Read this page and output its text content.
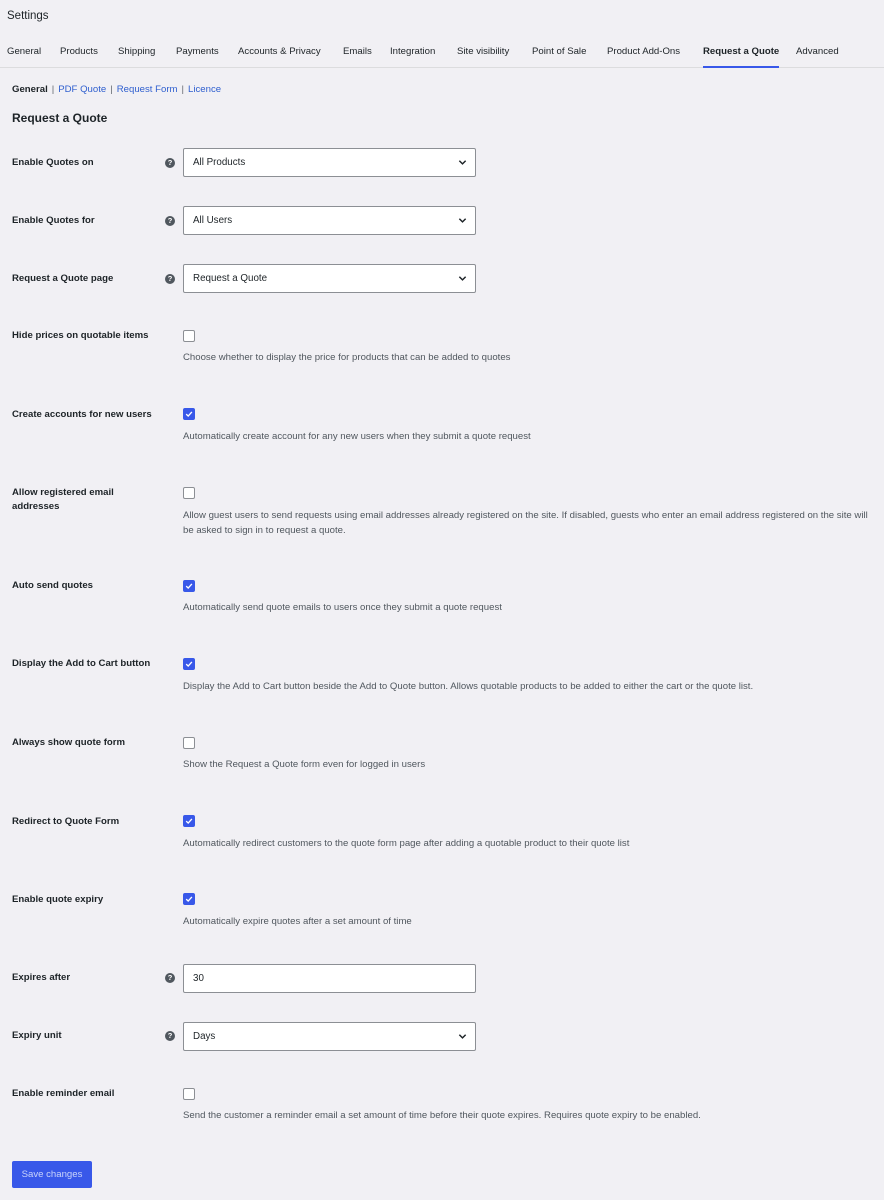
Settings
General Products Shipping Payments Accounts & Privacy Emails Integration Site visibility Point of Sale Product Add-Ons Request a Quote Advanced
General | PDF Quote | Request Form | Licence
Request a Quote
Enable Quotes on	?	All Products
Enable Quotes for	?	All Users
Request a Quote page	?	Request a Quote
Hide prices on quotable items
Choose whether to display the price for products that can be added to quotes
Create accounts for new users
Automatically create account for any new users when they submit a quote request
Allow registered email addresses
Allow guest users to send requests using email addresses already registered on the site. If disabled, guests who enter an email address registered on the site will be asked to sign in to request a quote.
Auto send quotes
Automatically send quote emails to users once they submit a quote request
Display the Add to Cart button
Display the Add to Cart button beside the Add to Quote button. Allows quotable products to be added to either the cart or the quote list.
Always show quote form
Show the Request a Quote form even for logged in users
Redirect to Quote Form
Automatically redirect customers to the quote form page after adding a quotable product to their quote list
Enable quote expiry
Automatically expire quotes after a set amount of time
Expires after	?	30
Expiry unit	?	Days
Enable reminder email
Send the customer a reminder email a set amount of time before their quote expires. Requires quote expiry to be enabled.
Save changes
